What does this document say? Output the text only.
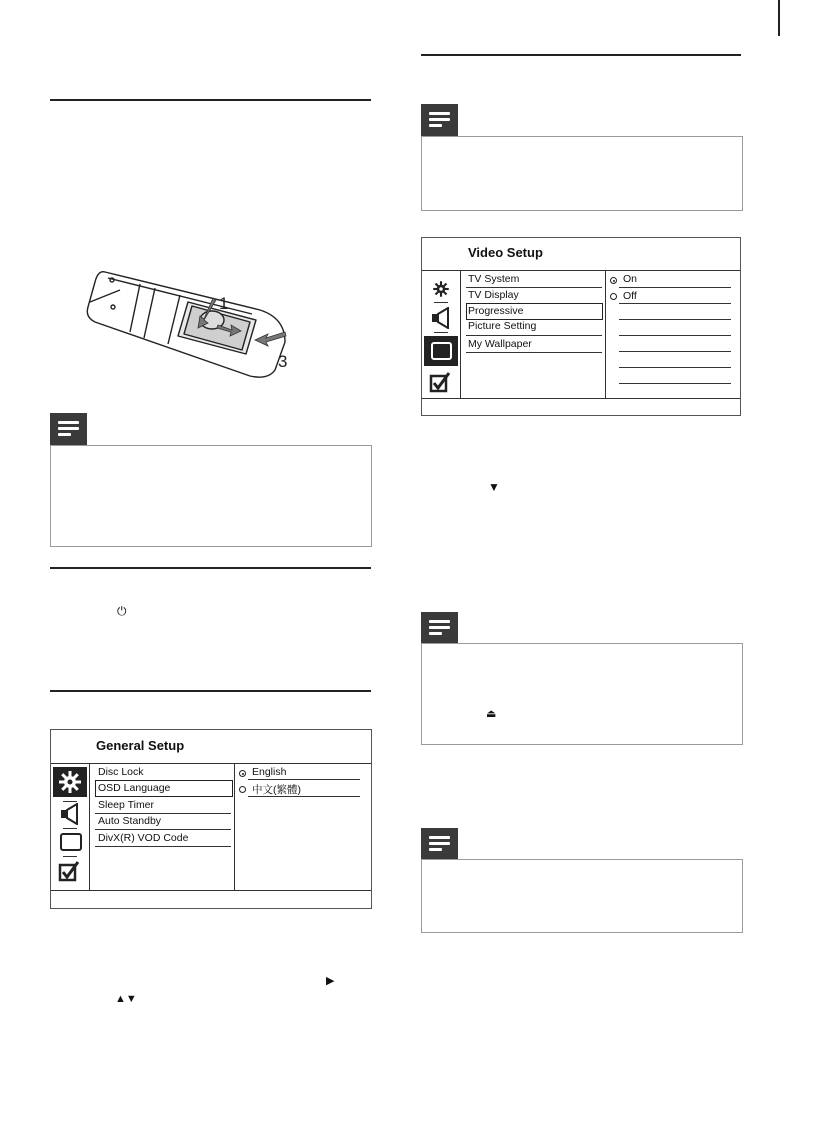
1
3
⏻
General Setup
Disc Lock
OSD Language
Sleep Timer
Auto Standby
DivX(R) VOD Code
English
中文(繁體)
▶
▲▼
Video Setup
TV System
TV Display
Progressive
Picture Setting
My Wallpaper
On
Off
▼
⏏
